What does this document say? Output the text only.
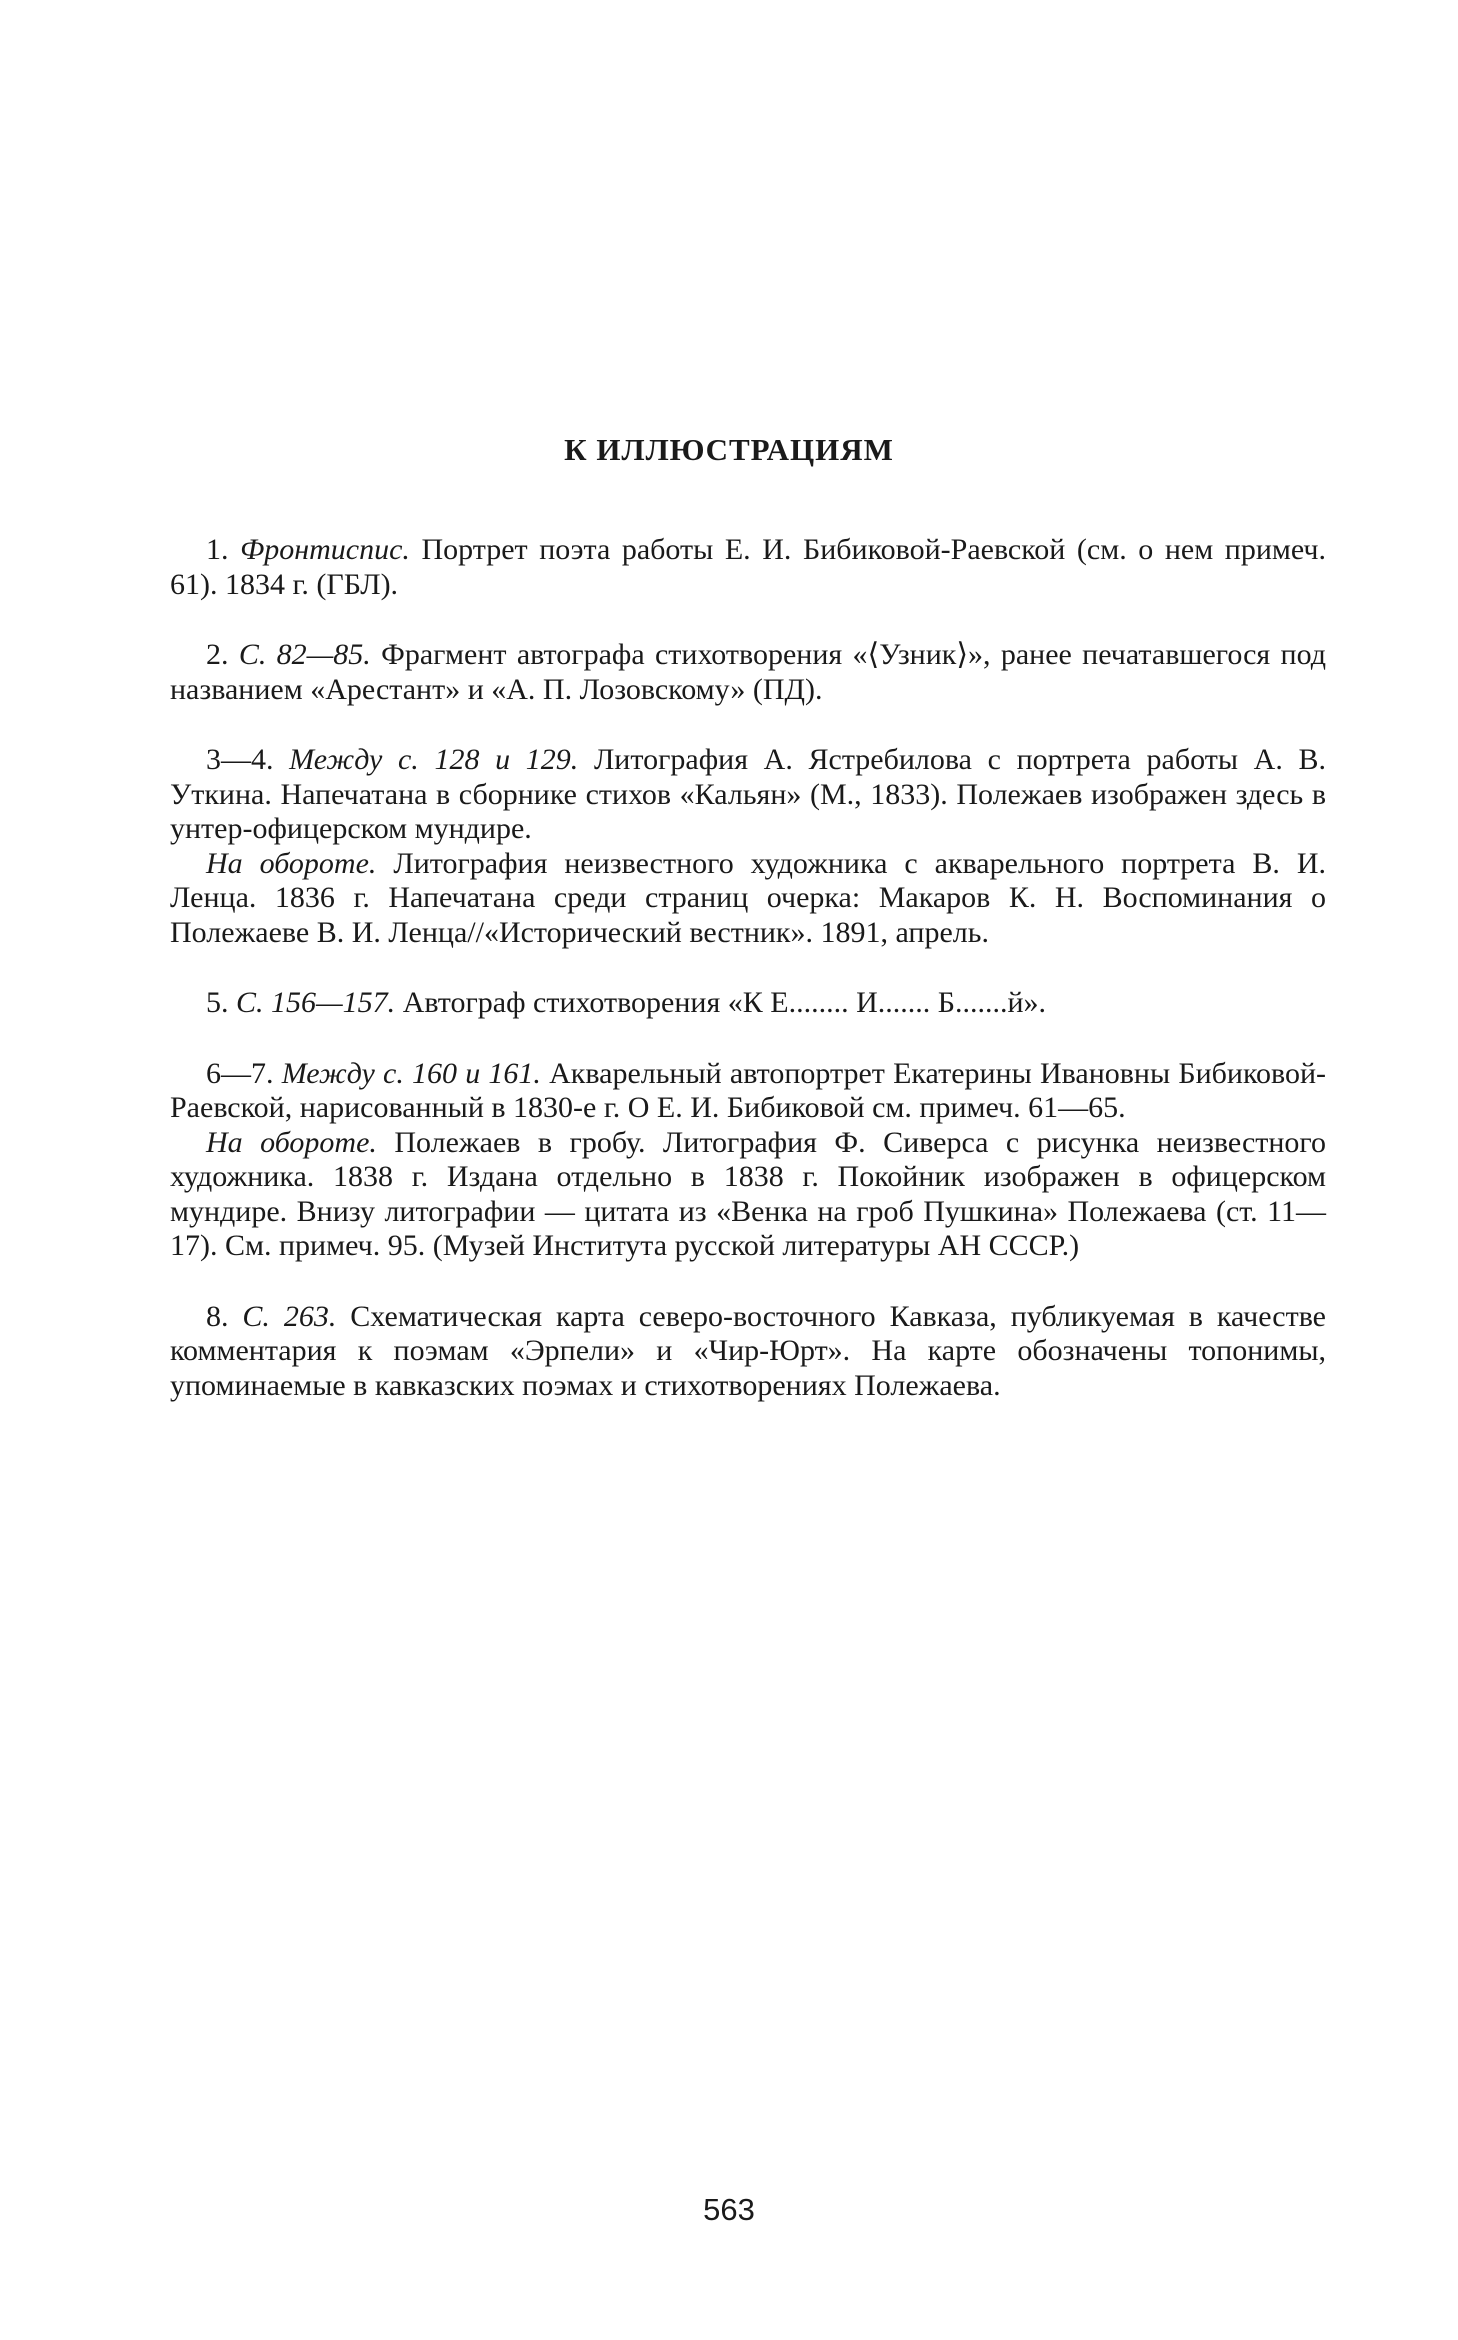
К ИЛЛЮСТРАЦИЯМ

1. Фронтиспис. Портрет поэта работы Е. И. Бибиковой-Раевской (см. о нем примеч. 61). 1834 г. (ГБЛ).

2. С. 82—85. Фрагмент автографа стихотворения «⟨Узник⟩», ранее печатавшегося под названием «Арестант» и «А. П. Лозовскому» (ПД).

3—4. Между с. 128 и 129. Литография А. Ястребилова с портрета работы А. В. Уткина. Напечатана в сборнике стихов «Кальян» (М., 1833). Полежаев изображен здесь в унтер-офицерском мундире.

На обороте. Литография неизвестного художника с акварельного портрета В. И. Ленца. 1836 г. Напечатана среди страниц очерка: Макаров К. Н. Воспоминания о Полежаеве В. И. Ленца//«Исторический вестник». 1891, апрель.

5. С. 156—157. Автограф стихотворения «К Е........ И....... Б.......й».

6—7. Между с. 160 и 161. Акварельный автопортрет Екатерины Ивановны Бибиковой-Раевской, нарисованный в 1830-е г. О Е. И. Бибиковой см. примеч. 61—65.

На обороте. Полежаев в гробу. Литография Ф. Сиверса с рисунка неизвестного художника. 1838 г. Издана отдельно в 1838 г. Покойник изображен в офицерском мундире. Внизу литографии — цитата из «Венка на гроб Пушкина» Полежаева (ст. 11—17). См. примеч. 95. (Музей Института русской литературы АН СССР.)

8. С. 263. Схематическая карта северо-восточного Кавказа, публикуемая в качестве комментария к поэмам «Эрпели» и «Чир-Юрт». На карте обозначены топонимы, упоминаемые в кавказских поэмах и стихотворениях Полежаева.

563
